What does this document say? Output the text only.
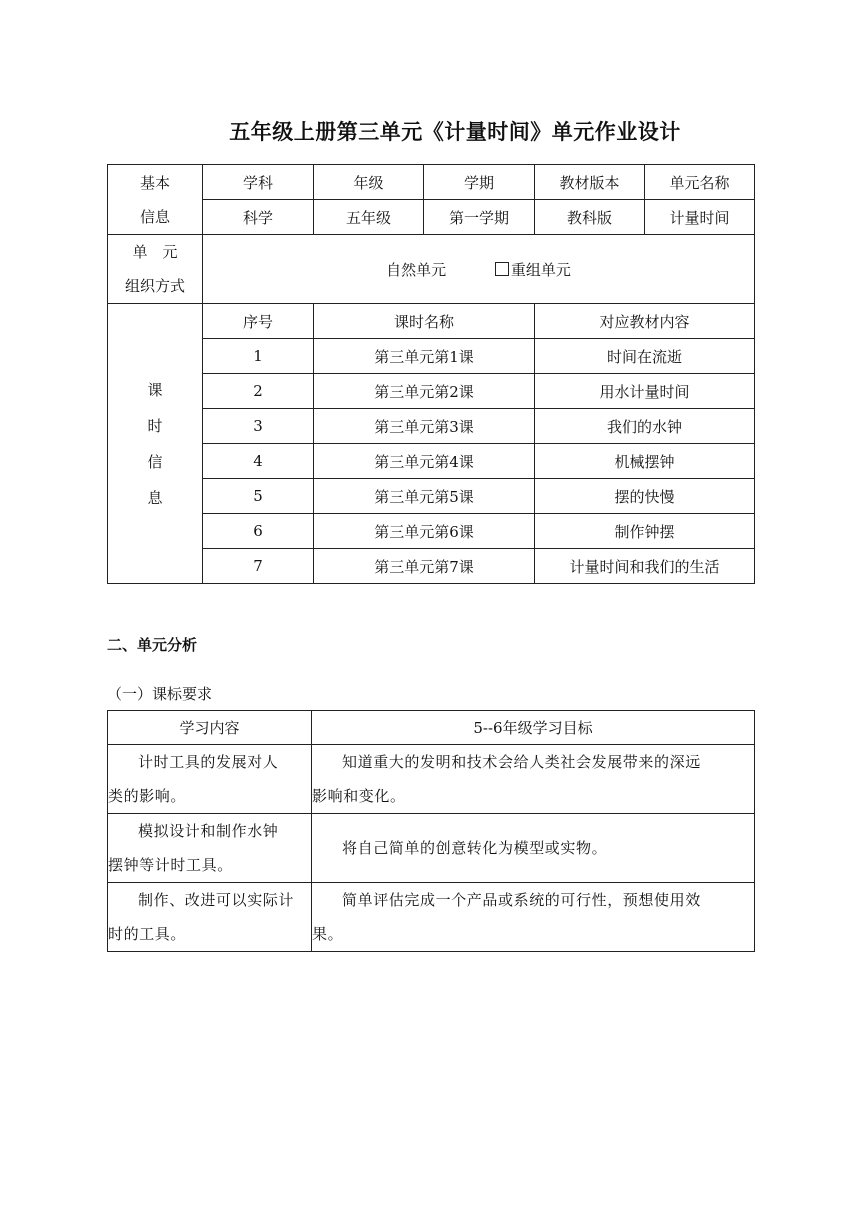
五年级上册第三单元《计量时间》单元作业设计
基本
信息	学科	年级	学期	教材版本	单元名称
	科学	五年级	第一学期	教科版	计量时间
单　元
组织方式	自然单元 重组单元				

课
时
信
息	序号	课时名称		对应教材内容	
	1	第三单元第1课		时间在流逝	
	2	第三单元第2课		用水计量时间	
	3	第三单元第3课		我们的水钟	
	4	第三单元第4课		机械摆钟	
	5	第三单元第5课		摆的快慢	
	6	第三单元第6课		制作钟摆	
	7	第三单元第7课		计量时间和我们的生活	
二、单元分析
（一）课标要求
学习内容	5--6年级学习目标

计时工具的发展对人
类的影响。	知道重大的发明和技术会给人类社会发展带来的深远
影响和变化。

模拟设计和制作水钟
摆钟等计时工具。	将自己简单的创意转化为模型或实物。

制作、改进可以实际计
时的工具。	简单评估完成一个产品或系统的可行性，预想使用效
果。
